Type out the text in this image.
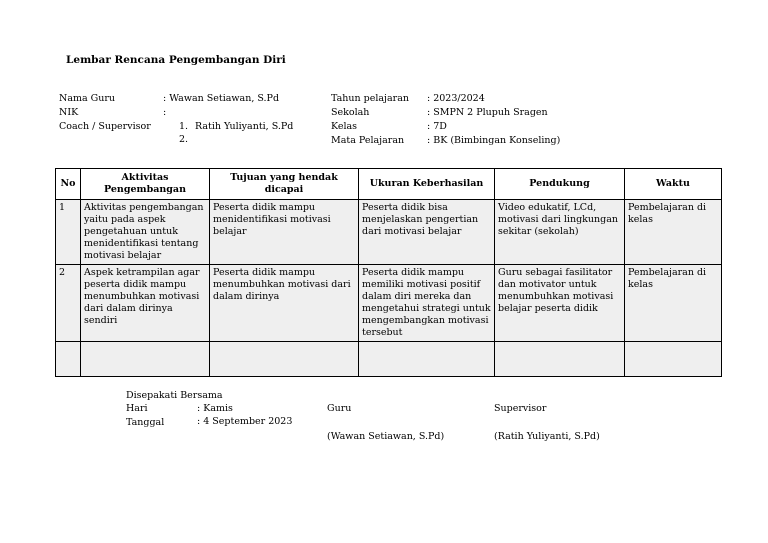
Lembar Rencana Pengembangan Diri
Nama Guru	: Wawan Setiawan, S.Pd
NIK	:
Coach / Supervisor	1. Ratih Yuliyanti, S.Pd
2.
Tahun pelajaran : 2023/2024
Sekolah	: SMPN 2 Plupuh Sragen
Kelas	: 7D
Mata Pelajaran : BK (Bimbingan Konseling)
No	Aktivitas Pengembangan	Tujuan yang hendak dicapai	Ukuran Keberhasilan	Pendukung	Waktu
1	Aktivitas pengembangan yaitu pada aspek pengetahuan untuk menidentifikasi tentang motivasi belajar	Peserta didik mampu menidentifikasi motivasi belajar	Peserta didik bisa menjelaskan pengertian dari motivasi belajar	Video edukatif, LCd, motivasi dari lingkungan sekitar (sekolah)	Pembelajaran di kelas
2	Aspek ketrampilan agar peserta didik mampu menumbuhkan motivasi dari dalam dirinya sendiri	Peserta didik mampu menumbuhkan motivasi dari dalam dirinya	Peserta didik mampu memiliki motivasi positif dalam diri mereka dan mengetahui strategi untuk mengembangkan motivasi tersebut	Guru sebagai fasilitator dan motivator untuk menumbuhkan motivasi belajar peserta didik	Pembelajaran di kelas

Disepakati Bersama
Hari	: Kamis
Tanggal	: 4 September 2023
Guru
(Wawan Setiawan, S.Pd)
Supervisor
(Ratih Yuliyanti, S.Pd)
